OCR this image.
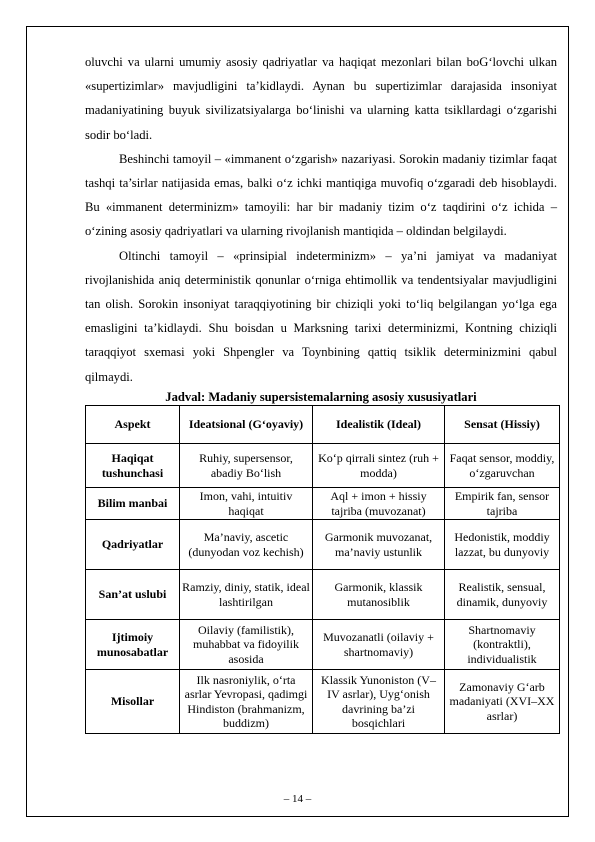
oluvchi va ularni umumiy asosiy qadriyatlar va haqiqat mezonlari bilan boG‘lovchi ulkan «supertizimlar» mavjudligini ta’kidlaydi. Aynan bu supertizimlar darajasida insoniyat madaniyatining buyuk sivilizatsiyalarga bo‘linishi va ularning katta tsikllardagi o‘zgarishi sodir bo‘ladi.

Beshinchi tamoyil – «immanent o‘zgarish» nazariyasi. Sorokin madaniy tizimlar faqat tashqi ta’sirlar natijasida emas, balki o‘z ichki mantiqiga muvofiq o‘zgaradi deb hisoblaydi. Bu «immanent determinizm» tamoyili: har bir madaniy tizim o‘z taqdirini o‘z ichida – o‘zining asosiy qadriyatlari va ularning rivojlanish mantiqida – oldindan belgilaydi.

Oltinchi tamoyil – «prinsipial indeterminizm» – ya’ni jamiyat va madaniyat rivojlanishida aniq deterministik qonunlar o‘rniga ehtimollik va tendentsiyalar mavjudligini tan olish. Sorokin insoniyat taraqqiyotining bir chiziqli yoki to‘liq belgilangan yo‘lga ega emasligini ta’kidlaydi. Shu boisdan u Marksning tarixi determinizmi, Kontning chiziqli taraqqiyot sxemasi yoki Shpengler va Toynbining qattiq tsiklik determinizmini qabul qilmaydi.

Jadval: Madaniy supersistemalarning asosiy xususiyatlari
Aspekt	Ideatsional (G‘oyaviy)	Idealistik (Ideal)	Sensat (Hissiy)
Haqiqat tushunchasi	Ruhiy, supersensor, abadiy Bo‘lish	Ko‘p qirrali sintez (ruh + modda)	Faqat sensor, moddiy, o‘zgaruvchan
Bilim manbai	Imon, vahi, intuitiv haqiqat	Aql + imon + hissiy tajriba (muvozanat)	Empirik fan, sensor tajriba
Qadriyatlar	Ma’naviy, ascetic (dunyodan voz kechish)	Garmonik muvozanat, ma’naviy ustunlik	Hedonistik, moddiy lazzat, bu dunyoviy
San’at uslubi	Ramziy, diniy, statik, ideal lashtirilgan	Garmonik, klassik mutanosiblik	Realistik, sensual, dinamik, dunyoviy
Ijtimoiy munosabatlar	Oilaviy (familistik), muhabbat va fidoyilik asosida	Muvozanatli (oilaviy + shartnomaviy)	Shartnomaviy (kontraktli), individualistik
Misollar	Ilk nasroniylik, o‘rta asrlar Yevropasi, qadimgi Hindiston (brahmanizm, buddizm)	Klassik Yunoniston (V–IV asrlar), Uyg‘onish davrining ba’zi bosqichlari	Zamonaviy G‘arb madaniyati (XVI–XX asrlar)
– 14 –
